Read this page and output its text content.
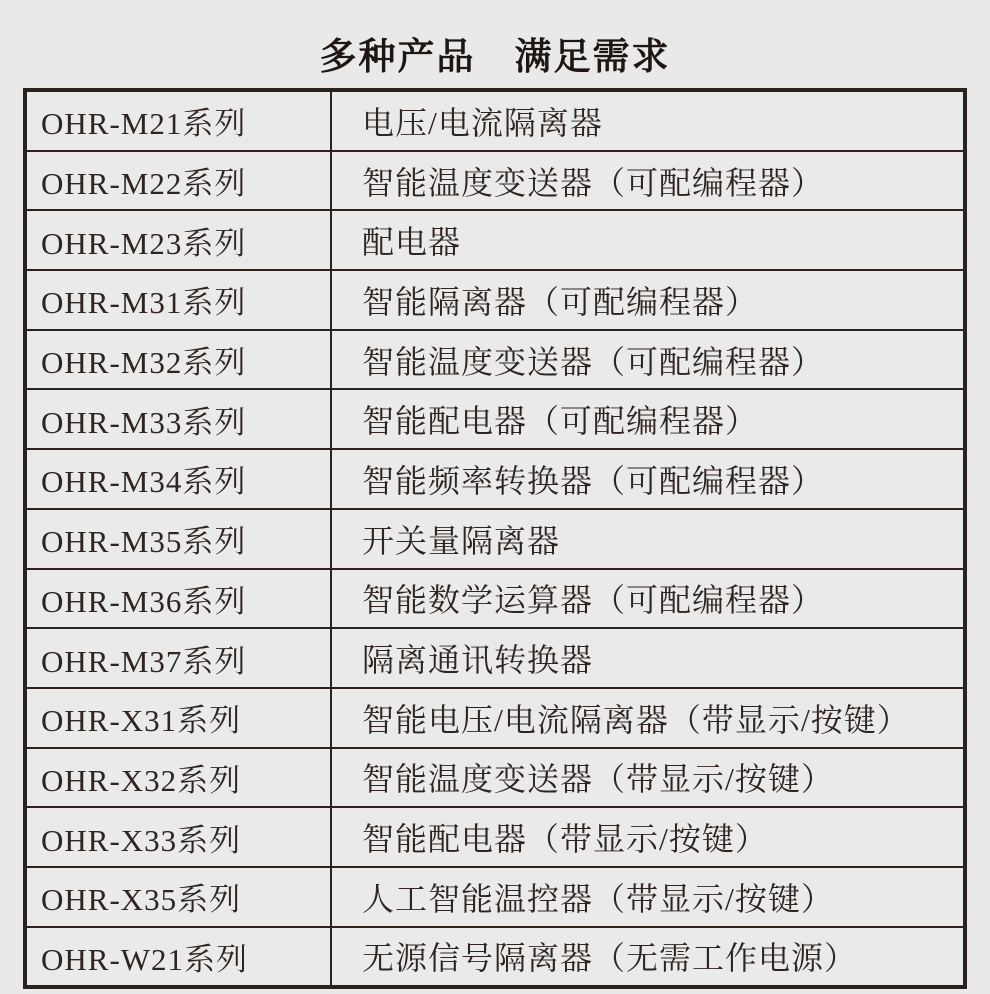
多种产品　满足需求
OHR-M21系列	电压/电流隔离器
OHR-M22系列	智能温度变送器（可配编程器）
OHR-M23系列	配电器
OHR-M31系列	智能隔离器（可配编程器）
OHR-M32系列	智能温度变送器（可配编程器）
OHR-M33系列	智能配电器（可配编程器）
OHR-M34系列	智能频率转换器（可配编程器）
OHR-M35系列	开关量隔离器
OHR-M36系列	智能数学运算器（可配编程器）
OHR-M37系列	隔离通讯转换器
OHR-X31系列	智能电压/电流隔离器（带显示/按键）
OHR-X32系列	智能温度变送器（带显示/按键）
OHR-X33系列	智能配电器（带显示/按键）
OHR-X35系列	人工智能温控器（带显示/按键）
OHR-W21系列	无源信号隔离器（无需工作电源）
